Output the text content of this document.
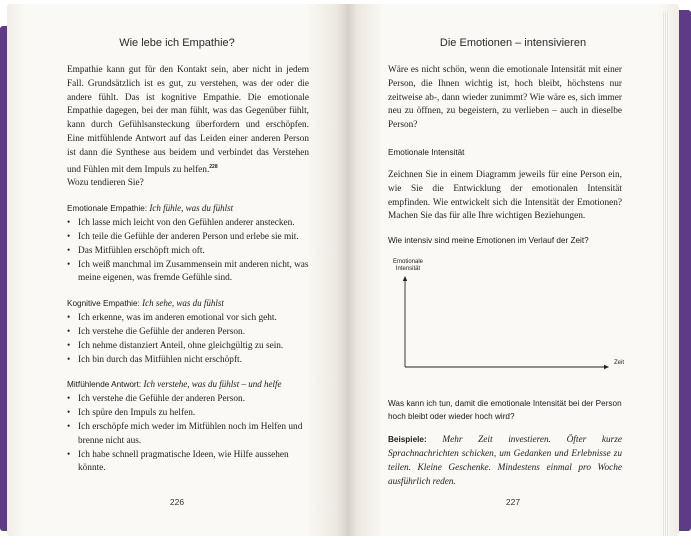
Wie lebe ich Empathie?

Empathie kann gut für den Kontakt sein, aber nicht in jedem Fall. Grundsätzlich ist es gut, zu verstehen, was der oder die andere fühlt. Das ist kognitive Empathie. Die emotionale Empathie dagegen, bei der man fühlt, was das Gegenüber fühlt, kann durch Gefühlsansteckung überfordern und erschöpfen. Eine mitfühlende Antwort auf das Leiden einer anderen Person ist dann die Synthese aus beidem und verbindet das Verstehen und Fühlen mit dem Impuls zu helfen.$^{228}$
Wozu tendieren Sie?

Emotionale Empathie: Ich fühle, was du fühlst
• Ich lasse mich leicht von den Gefühlen anderer anstecken.
• Ich teile die Gefühle der anderen Person und erlebe sie mit.
• Das Mitfühlen erschöpft mich oft.
• Ich weiß manchmal im Zusammensein mit anderen nicht, was meine eigenen, was fremde Gefühle sind.
Kognitive Empathie: Ich sehe, was du fühlst
• Ich erkenne, was im anderen emotional vor sich geht.
• Ich verstehe die Gefühle der anderen Person.
• Ich nehme distanziert Anteil, ohne gleichgültig zu sein.
• Ich bin durch das Mitfühlen nicht erschöpft.
Mitfühlende Antwort: Ich verstehe, was du fühlst – und helfe
• Ich verstehe die Gefühle der anderen Person.
• Ich spüre den Impuls zu helfen.
• Ich erschöpfe mich weder im Mitfühlen noch im Helfen und brenne nicht aus.
• Ich habe schnell pragmatische Ideen, wie Hilfe aussehen könnte.
226
Die Emotionen – intensivieren

Wäre es nicht schön, wenn die emotionale Intensität mit einer Person, die Ihnen wichtig ist, hoch bleibt, höchstens nur zeitweise ab-, dann wieder zunimmt? Wie wäre es, sich immer neu zu öffnen, zu begeistern, zu verlieben – auch in dieselbe Person?

Emotionale Intensität

Zeichnen Sie in einem Diagramm jeweils für eine Person ein, wie Sie die Entwicklung der emotionalen Intensität empfinden. Wie entwickelt sich die Intensität der Emotionen? Machen Sie das für alle Ihre wichtigen Beziehungen.

Wie intensiv sind meine Emotionen im Verlauf der Zeit?
Emotionale
Intensität
Zeit
Was kann ich tun, damit die emotionale Intensität bei der Person hoch bleibt oder wieder hoch wird?

Beispiele: Mehr Zeit investieren. Öfter kurze Sprachnachrichten schicken, um Gedanken und Erlebnisse zu teilen. Kleine Geschenke. Mindestens einmal pro Woche ausführlich reden.

227
